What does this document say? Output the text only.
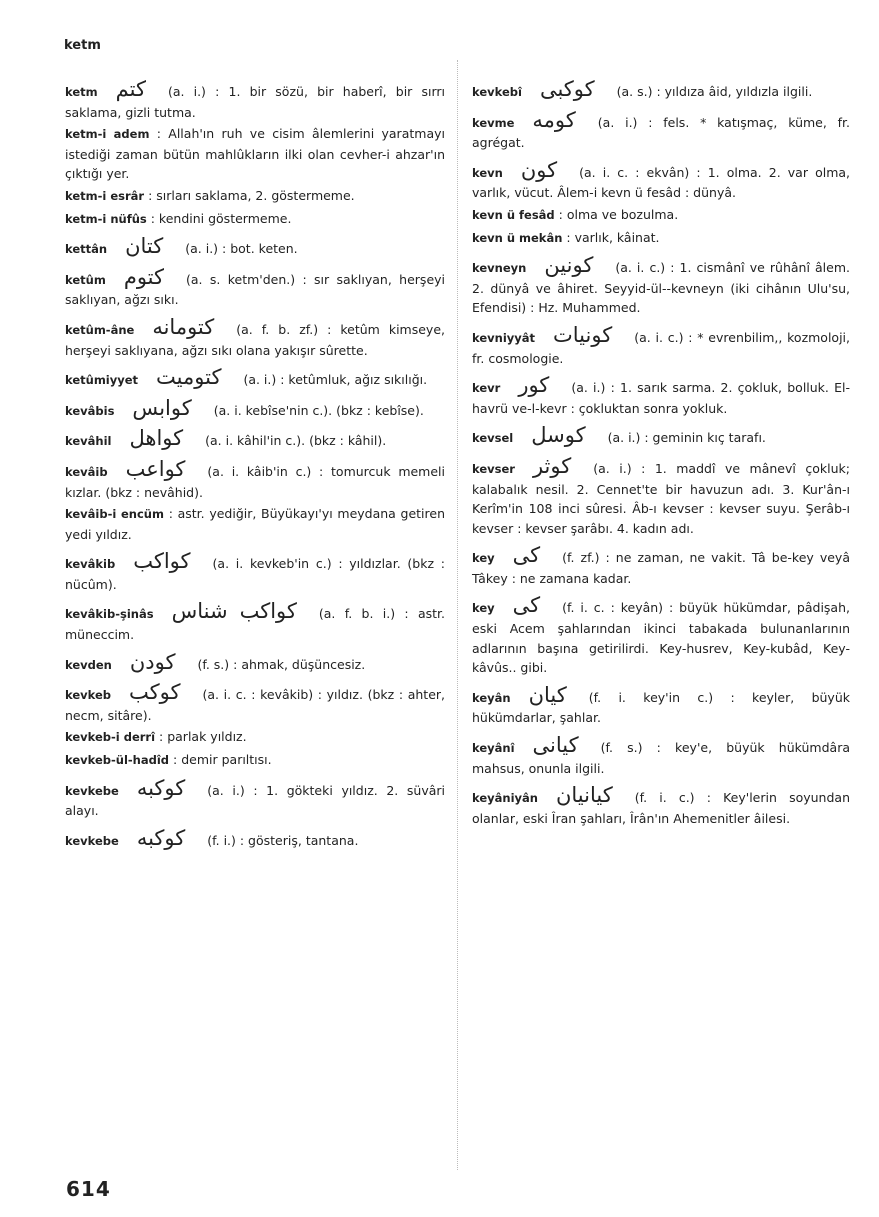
ketm

ketm كتم (a. i.) : 1. bir sözü, bir haberî, bir sırrı saklama, gizli tutma.

ketm-i adem : Allah'ın ruh ve cisim âlemlerini yaratmayı istediği zaman bütün mahlûkların ilki olan cevher-i ahzar'ın çıktığı yer.

ketm-i esrâr : sırları saklama, 2. göstermeme.

ketm-i nüfûs : kendini göstermeme.

kettân كتان (a. i.) : bot. keten.

ketûm كتوم (a. s. ketm'den.) : sır saklıyan, herşeyi saklıyan, ağzı sıkı.

ketûm-âne كتومانه (a. f. b. zf.) : ketûm kimseye, herşeyi saklıyana, ağzı sıkı olana yakışır sûrette.

ketûmiyyet كتوميت (a. i.) : ketûmluk, ağız sıkılığı.

kevâbis كوابس (a. i. kebîse'nin c.). (bkz : kebîse).

kevâhil كواهل (a. i. kâhil'in c.). (bkz : kâhil).

kevâib كواعب (a. i. kâib'in c.) : tomurcuk memeli kızlar. (bkz : nevâhid).

kevâib-i encüm : astr. yediğir, Büyükayı'yı meydana getiren yedi yıldız.

kevâkib كواكب (a. i. kevkeb'in c.) : yıldızlar. (bkz : nücûm).

kevâkib-şinâs كواكب شناس (a. f. b. i.) : astr. müneccim.

kevden كودن (f. s.) : ahmak, düşüncesiz.

kevkeb كوكب (a. i. c. : kevâkib) : yıldız. (bkz : ahter, necm, sitâre).

kevkeb-i derrî : parlak yıldız.

kevkeb-ül-hadîd : demir parıltısı.

kevkebe كوكبه (a. i.) : 1. gökteki yıldız. 2. süvâri alayı.

kevkebe كوكبه (f. i.) : gösteriş, tantana.

kevkebî كوكبى (a. s.) : yıldıza âid, yıldızla ilgili.

kevme كومه (a. i.) : fels. * katışmaç, küme, fr. agrégat.

kevn كون (a. i. c. : ekvân) : 1. olma. 2. var olma, varlık, vücut. Âlem-i kevn ü fesâd : dünyâ.

kevn ü fesâd : olma ve bozulma.

kevn ü mekân : varlık, kâinat.

kevneyn كونين (a. i. c.) : 1. cismânî ve rûhânî âlem. 2. dünyâ ve âhiret. Seyyid-ül--kevneyn (iki cihânın Ulu'su, Efendisi) : Hz. Muhammed.

kevniyyât كونيات (a. i. c.) : * evrenbilim,, kozmoloji, fr. cosmologie.

kevr كور (a. i.) : 1. sarık sarma. 2. çokluk, bolluk. El-havrü ve-l-kevr : çokluktan sonra yokluk.

kevsel كوسل (a. i.) : geminin kıç tarafı.

kevser كوثر (a. i.) : 1. maddî ve mânevî çokluk; kalabalık nesil. 2. Cennet'te bir havuzun adı. 3. Kur'ân-ı Kerîm'in 108 inci sûresi. Âb-ı kevser : kevser suyu. Şerâb-ı kevser : kevser şarâbı. 4. kadın adı.

key كى (f. zf.) : ne zaman, ne vakit. Tâ be-key veyâ Tâkey : ne zamana kadar.

key كى (f. i. c. : keyân) : büyük hükümdar, pâdişah, eski Acem şahlarından ikinci tabakada bulunanlarının adlarının başına getirilirdi. Key-husrev, Key-kubâd, Key-kâvûs.. gibi.

keyân كيان (f. i. key'in c.) : keyler, büyük hükümdarlar, şahlar.

keyânî كيانى (f. s.) : key'e, büyük hükümdâra mahsus, onunla ilgili.

keyâniyân كيانيان (f. i. c.) : Key'lerin soyundan olanlar, eski Îran şahları, Îrân'ın Ahemenitler âilesi.

614
